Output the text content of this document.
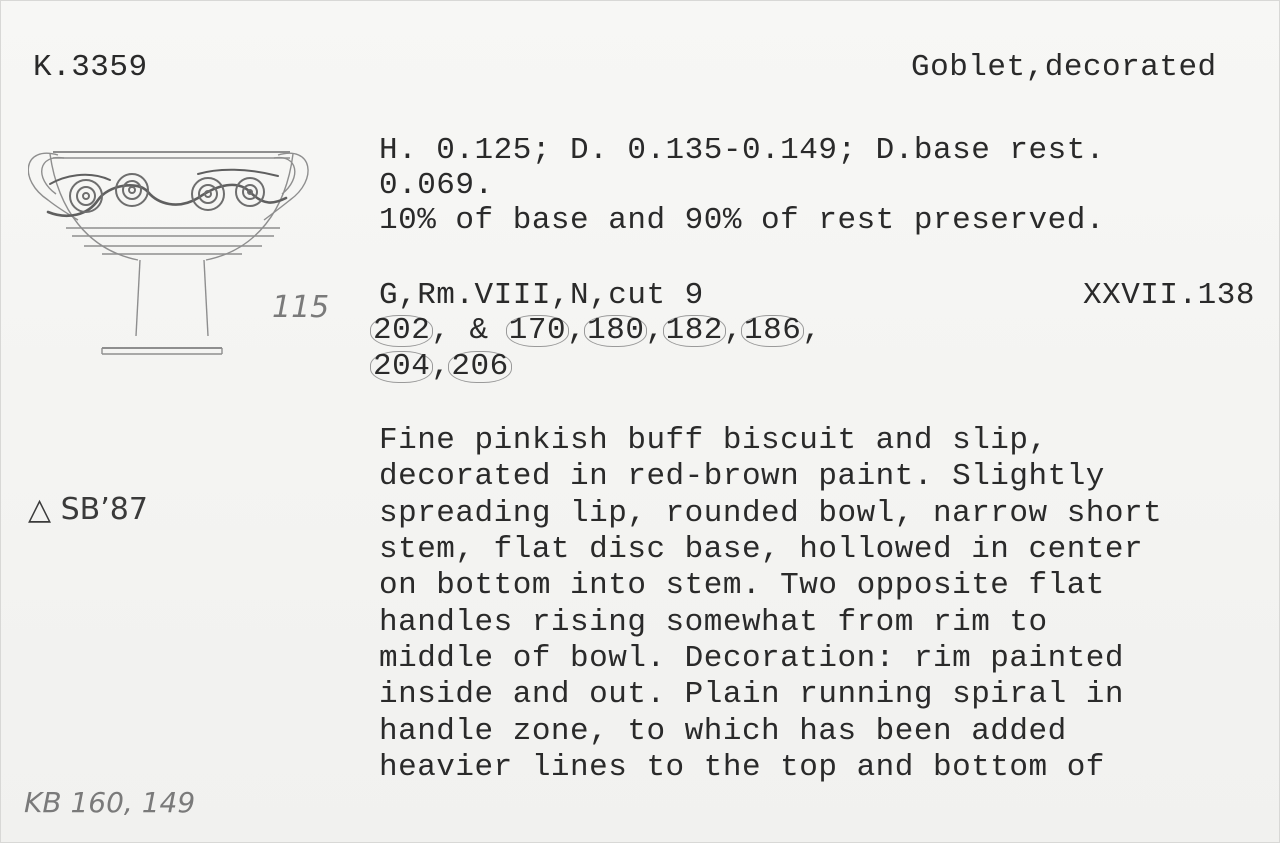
K.3359	Goblet,decorated
H. 0.125; D. 0.135-0.149; D.base rest.
0.069.
10% of base and 90% of rest preserved.
115 G,Rm.VIII,N,cut 9	XXVII.138
202, & 170,180,182,186,
204,206
△ SB’87
Fine pinkish buff biscuit and slip,
decorated in red-brown paint. Slightly
spreading lip, rounded bowl, narrow short
stem, flat disc base, hollowed in center
on bottom into stem. Two opposite flat
handles rising somewhat from rim to
middle of bowl. Decoration: rim painted
inside and out. Plain running spiral in
handle zone, to which has been added
heavier lines to the top and bottom of
KB 160, 149
